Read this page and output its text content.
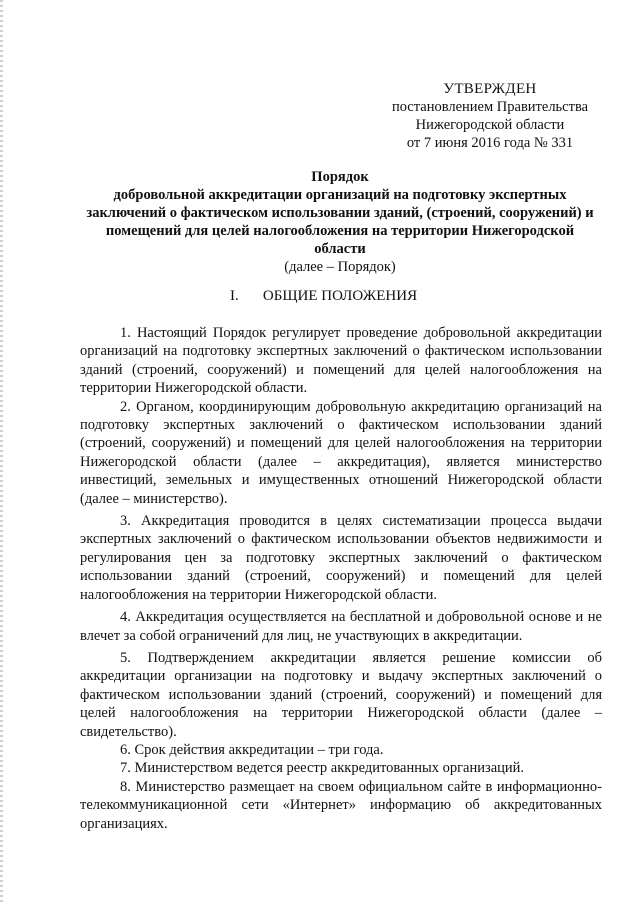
УТВЕРЖДЕН
постановлением Правительства
Нижегородской области
от 7 июня 2016 года № 331
Порядок
добровольной аккредитации организаций на подготовку экспертных заключений о фактическом использовании зданий, (строений, сооружений) и помещений для целей налогообложения на территории Нижегородской области
(далее – Порядок)
I. ОБЩИЕ ПОЛОЖЕНИЯ

1. Настоящий Порядок регулирует проведение добровольной аккредитации организаций на подготовку экспертных заключений о фактическом использовании зданий (строений, сооружений) и помещений для целей налогообложения на территории Нижегородской области.

2. Органом, координирующим добровольную аккредитацию организаций на подготовку экспертных заключений о фактическом использовании зданий (строений, сооружений) и помещений для целей налогообложения на территории Нижегородской области (далее – аккредитация), является министерство инвестиций, земельных и имущественных отношений Нижегородской области (далее – министерство).

3. Аккредитация проводится в целях систематизации процесса выдачи экспертных заключений о фактическом использовании объектов недвижимости и регулирования цен за подготовку экспертных заключений о фактическом использовании зданий (строений, сооружений) и помещений для целей налогообложения на территории Нижегородской области.

4. Аккредитация осуществляется на бесплатной и добровольной основе и не влечет за собой ограничений для лиц, не участвующих в аккредитации.

5. Подтверждением аккредитации является решение комиссии об аккредитации организации на подготовку и выдачу экспертных заключений о фактическом использовании зданий (строений, сооружений) и помещений для целей налогообложения на территории Нижегородской области (далее – свидетельство).

6. Срок действия аккредитации – три года.

7. Министерством ведется реестр аккредитованных организаций.

8. Министерство размещает на своем официальном сайте в информационно-телекоммуникационной сети «Интернет» информацию об аккредитованных организациях.
